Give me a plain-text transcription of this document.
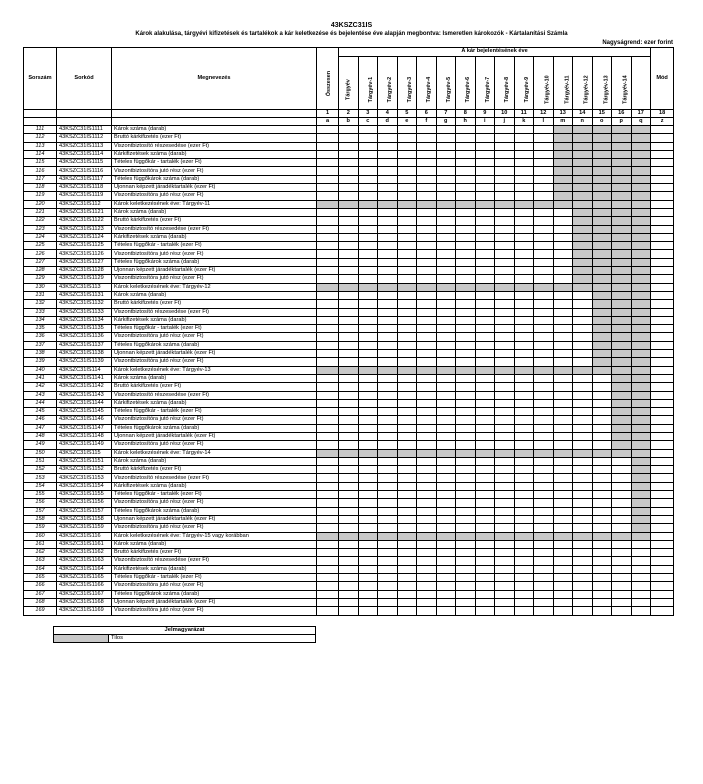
43KSZC31IS
Károk alakulása, tárgyévi kifizetések és tartalékok a kár keletkezése és bejelentése éve alapján megbontva: Ismeretlen károkozók - Kártalanítási Számla
Nagyságrend: ezer forint
Sorszám	Sorkód	Megnevezés	Összesen	A kár bejelentésének éve																Mód
				Tárgyév	Tárgyév-1	Tárgyév-2	Tárgyév-3	Tárgyév-4	Tárgyév-5	Tárgyév-6	Tárgyév-7	Tárgyév-8	Tárgyév-9	Tárgyév-10	Tárgyév-11	Tárgyév-12	Tárgyév-13	Tárgyév-14	
			1	2	3	4	5	6	7	8	9	10	11	12	13	14	15	16	17	18
			a	b	c	d	e	f	g	h	i	j	k	l	m	n	o	p	q	z
111	43KSZC31IS1111	Károk száma (darab)																		
112	43KSZC31IS1112	Bruttó kárkifizetés (ezer Ft)																		
113	43KSZC31IS1113	Viszontbiztosító részesedése (ezer Ft)																		
114	43KSZC31IS1114	Kárkifizetések száma (darab)																		
115	43KSZC31IS1115	Tételes függőkár - tartalék (ezer Ft)																		
116	43KSZC31IS1116	Viszontbiztosítóra jutó rész (ezer Ft)																		
117	43KSZC31IS1117	Tételes függőkárok száma (darab)																		
118	43KSZC31IS1118	Újonnan képzett járadéktartalék (ezer Ft)																		
119	43KSZC31IS1119	Viszontbiztosítóra jutó rész (ezer Ft)																		
120	43KSZC31IS112	Károk keletkezésének éve: Tárgyév-11																		
121	43KSZC31IS1121	Károk száma (darab)																		
122	43KSZC31IS1122	Bruttó kárkifizetés (ezer Ft)																		
123	43KSZC31IS1123	Viszontbiztosító részesedése (ezer Ft)																		
124	43KSZC31IS1124	Kárkifizetések száma (darab)																		
125	43KSZC31IS1125	Tételes függőkár - tartalék (ezer Ft)																		
126	43KSZC31IS1126	Viszontbiztosítóra jutó rész (ezer Ft)																		
127	43KSZC31IS1127	Tételes függőkárok száma (darab)																		
128	43KSZC31IS1128	Újonnan képzett járadéktartalék (ezer Ft)																		
129	43KSZC31IS1129	Viszontbiztosítóra jutó rész (ezer Ft)																		
130	43KSZC31IS113	Károk keletkezésének éve: Tárgyév-12																		
131	43KSZC31IS1131	Károk száma (darab)																		
132	43KSZC31IS1132	Bruttó kárkifizetés (ezer Ft)																		
133	43KSZC31IS1133	Viszontbiztosító részesedése (ezer Ft)																		
134	43KSZC31IS1134	Kárkifizetések száma (darab)																		
135	43KSZC31IS1135	Tételes függőkár - tartalék (ezer Ft)																		
136	43KSZC31IS1136	Viszontbiztosítóra jutó rész (ezer Ft)																		
137	43KSZC31IS1137	Tételes függőkárok száma (darab)																		
138	43KSZC31IS1138	Újonnan képzett járadéktartalék (ezer Ft)																		
139	43KSZC31IS1139	Viszontbiztosítóra jutó rész (ezer Ft)																		
140	43KSZC31IS114	Károk keletkezésének éve: Tárgyév-13																		
141	43KSZC31IS1141	Károk száma (darab)																		
142	43KSZC31IS1142	Bruttó kárkifizetés (ezer Ft)																		
143	43KSZC31IS1143	Viszontbiztosító részesedése (ezer Ft)																		
144	43KSZC31IS1144	Kárkifizetések száma (darab)																		
145	43KSZC31IS1145	Tételes függőkár - tartalék (ezer Ft)																		
146	43KSZC31IS1146	Viszontbiztosítóra jutó rész (ezer Ft)																		
147	43KSZC31IS1147	Tételes függőkárok száma (darab)																		
148	43KSZC31IS1148	Újonnan képzett járadéktartalék (ezer Ft)																		
149	43KSZC31IS1149	Viszontbiztosítóra jutó rész (ezer Ft)																		
150	43KSZC31IS115	Károk keletkezésének éve: Tárgyév-14																		
151	43KSZC31IS1151	Károk száma (darab)																		
152	43KSZC31IS1152	Bruttó kárkifizetés (ezer Ft)																		
153	43KSZC31IS1153	Viszontbiztosító részesedése (ezer Ft)																		
154	43KSZC31IS1154	Kárkifizetések száma (darab)																		
155	43KSZC31IS1155	Tételes függőkár - tartalék (ezer Ft)																		
156	43KSZC31IS1156	Viszontbiztosítóra jutó rész (ezer Ft)																		
157	43KSZC31IS1157	Tételes függőkárok száma (darab)																		
158	43KSZC31IS1158	Újonnan képzett járadéktartalék (ezer Ft)																		
159	43KSZC31IS1159	Viszontbiztosítóra jutó rész (ezer Ft)																		
160	43KSZC31IS116	Károk keletkezésének éve: Tárgyév-15 vagy korábban																		
161	43KSZC31IS1161	Károk száma (darab)																		
162	43KSZC31IS1162	Bruttó kárkifizetés (ezer Ft)																		
163	43KSZC31IS1163	Viszontbiztosító részesedése (ezer Ft)																		
164	43KSZC31IS1164	Kárkifizetések száma (darab)																		
165	43KSZC31IS1165	Tételes függőkár - tartalék (ezer Ft)																		
166	43KSZC31IS1166	Viszontbiztosítóra jutó rész (ezer Ft)																		
167	43KSZC31IS1167	Tételes függőkárok száma (darab)																		
168	43KSZC31IS1168	Újonnan képzett járadéktartalék (ezer Ft)																		
169	43KSZC31IS1169	Viszontbiztosítóra jutó rész (ezer Ft)																		
Jelmagyarázat
	Tilos
